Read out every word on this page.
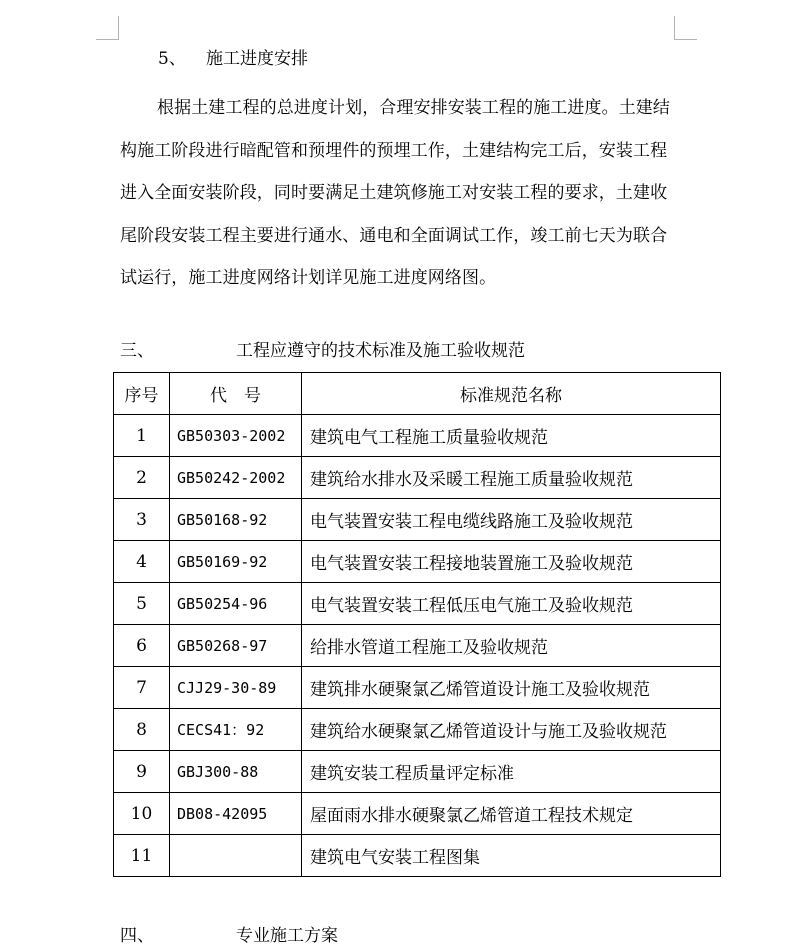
5、 施工进度安排

根据土建工程的总进度计划，合理安排安装工程的施工进度。土建结构施工阶段进行暗配管和预埋件的预埋工作，土建结构完工后，安装工程进入全面安装阶段，同时要满足土建筑修施工对安装工程的要求，土建收尾阶段安装工程主要进行通水、通电和全面调试工作，竣工前七天为联合试运行，施工进度网络计划详见施工进度网络图。

三、	工程应遵守的技术标准及施工验收规范
序号	代　号	标准规范名称
1	GB50303-2002	建筑电气工程施工质量验收规范
2	GB50242-2002	建筑给水排水及采暖工程施工质量验收规范
3	GB50168-92	电气装置安装工程电缆线路施工及验收规范
4	GB50169-92	电气装置安装工程接地装置施工及验收规范
5	GB50254-96	电气装置安装工程低压电气施工及验收规范
6	GB50268-97	给排水管道工程施工及验收规范
7	CJJ29-30-89	建筑排水硬聚氯乙烯管道设计施工及验收规范
8	CECS41：92	建筑给水硬聚氯乙烯管道设计与施工及验收规范
9	GBJ300-88	建筑安装工程质量评定标准
10	DB08-42095	屋面雨水排水硬聚氯乙烯管道工程技术规定
11		建筑电气安装工程图集
四、	专业施工方案
